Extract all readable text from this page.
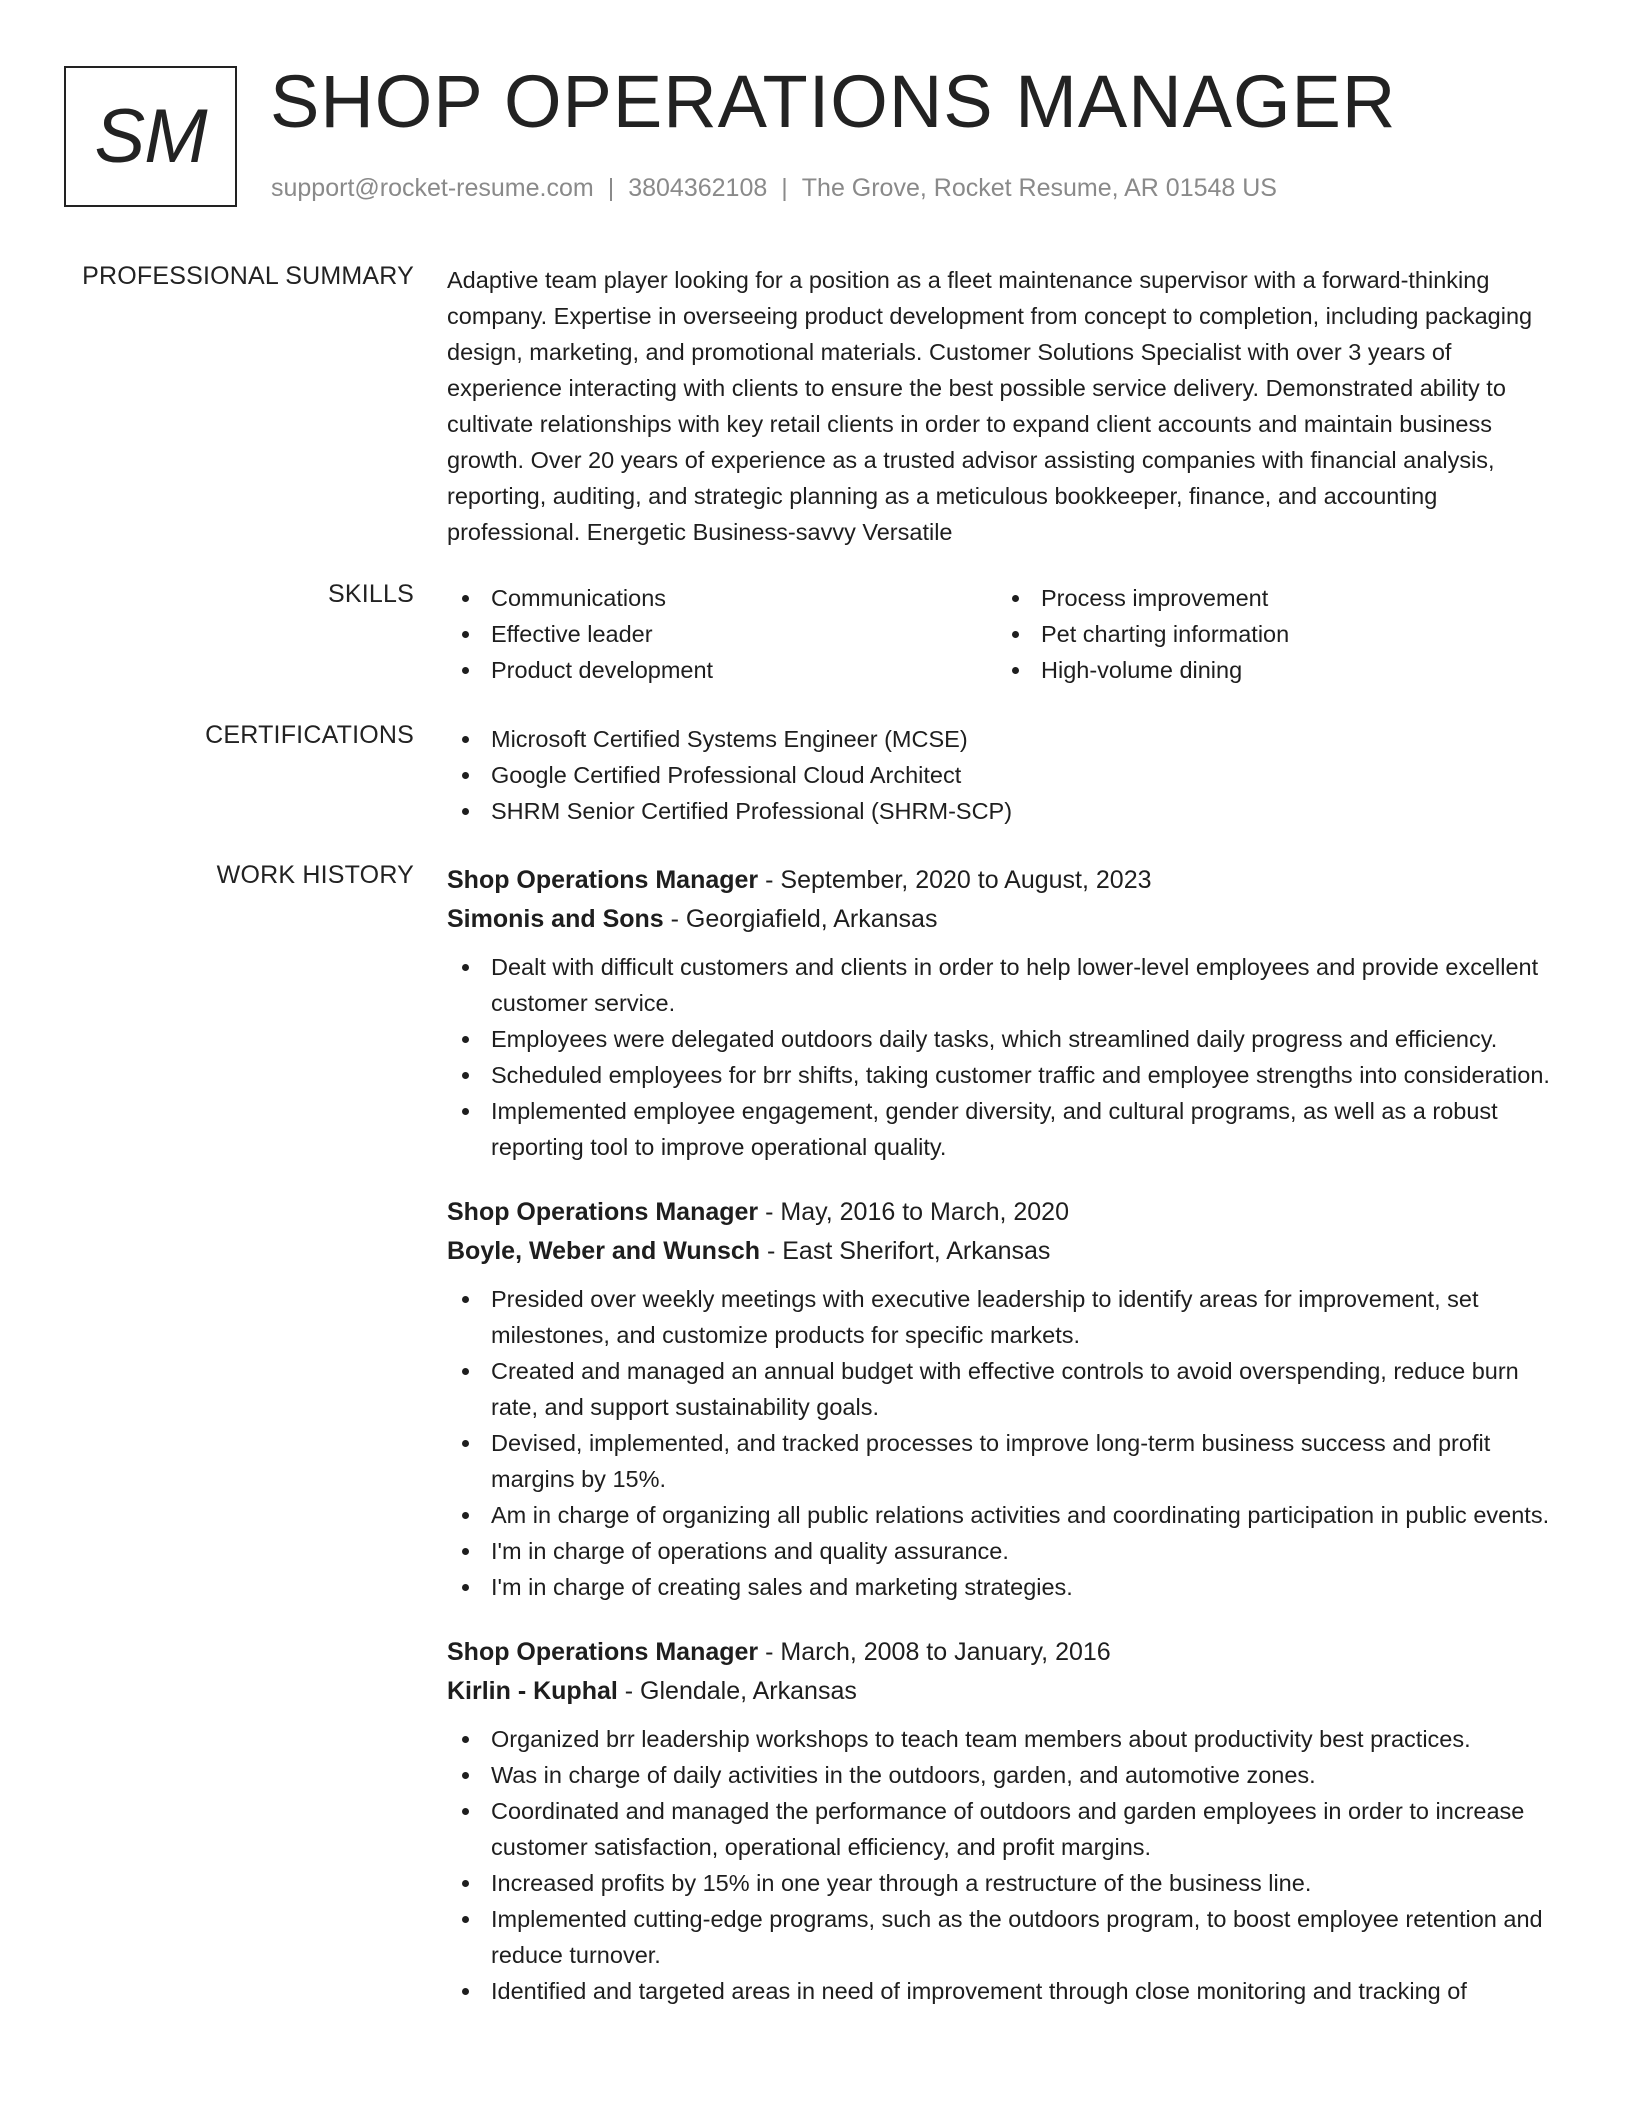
SM SHOP OPERATIONS MANAGER
support@rocket-resume.com | 3804362108 | The Grove, Rocket Resume, AR 01548 US
PROFESSIONAL SUMMARY Adaptive team player looking for a position as a fleet maintenance supervisor with a forward-thinking company. Expertise in overseeing product development from concept to completion, including packaging design, marketing, and promotional materials. Customer Solutions Specialist with over 3 years of experience interacting with clients to ensure the best possible service delivery. Demonstrated ability to cultivate relationships with key retail clients in order to expand client accounts and maintain business growth. Over 20 years of experience as a trusted advisor assisting companies with financial analysis, reporting, auditing, and strategic planning as a meticulous bookkeeper, finance, and accounting professional. Energetic Business-savvy Versatile

SKILLS	Communications
Effective leader
Product development
Process improvement
Pet charting information
High-volume dining
CERTIFICATIONS	Microsoft Certified Systems Engineer (MCSE)
Google Certified Professional Cloud Architect
SHRM Senior Certified Professional (SHRM-SCP)
WORK HISTORY Shop Operations Manager - September, 2020 to August, 2023
Simonis and Sons - Georgiafield, Arkansas
Dealt with difficult customers and clients in order to help lower-level employees and provide excellent customer service.
Employees were delegated outdoors daily tasks, which streamlined daily progress and efficiency.
Scheduled employees for brr shifts, taking customer traffic and employee strengths into consideration.
Implemented employee engagement, gender diversity, and cultural programs, as well as a robust reporting tool to improve operational quality.
Shop Operations Manager - May, 2016 to March, 2020
Boyle, Weber and Wunsch - East Sherifort, Arkansas
Presided over weekly meetings with executive leadership to identify areas for improvement, set milestones, and customize products for specific markets.
Created and managed an annual budget with effective controls to avoid overspending, reduce burn rate, and support sustainability goals.
Devised, implemented, and tracked processes to improve long-term business success and profit margins by 15%.
Am in charge of organizing all public relations activities and coordinating participation in public events.
I'm in charge of operations and quality assurance.
I'm in charge of creating sales and marketing strategies.
Shop Operations Manager - March, 2008 to January, 2016
Kirlin - Kuphal - Glendale, Arkansas
Organized brr leadership workshops to teach team members about productivity best practices.
Was in charge of daily activities in the outdoors, garden, and automotive zones.
Coordinated and managed the performance of outdoors and garden employees in order to increase customer satisfaction, operational efficiency, and profit margins.
Increased profits by 15% in one year through a restructure of the business line.
Implemented cutting-edge programs, such as the outdoors program, to boost employee retention and reduce turnover.
Identified and targeted areas in need of improvement through close monitoring and tracking of
